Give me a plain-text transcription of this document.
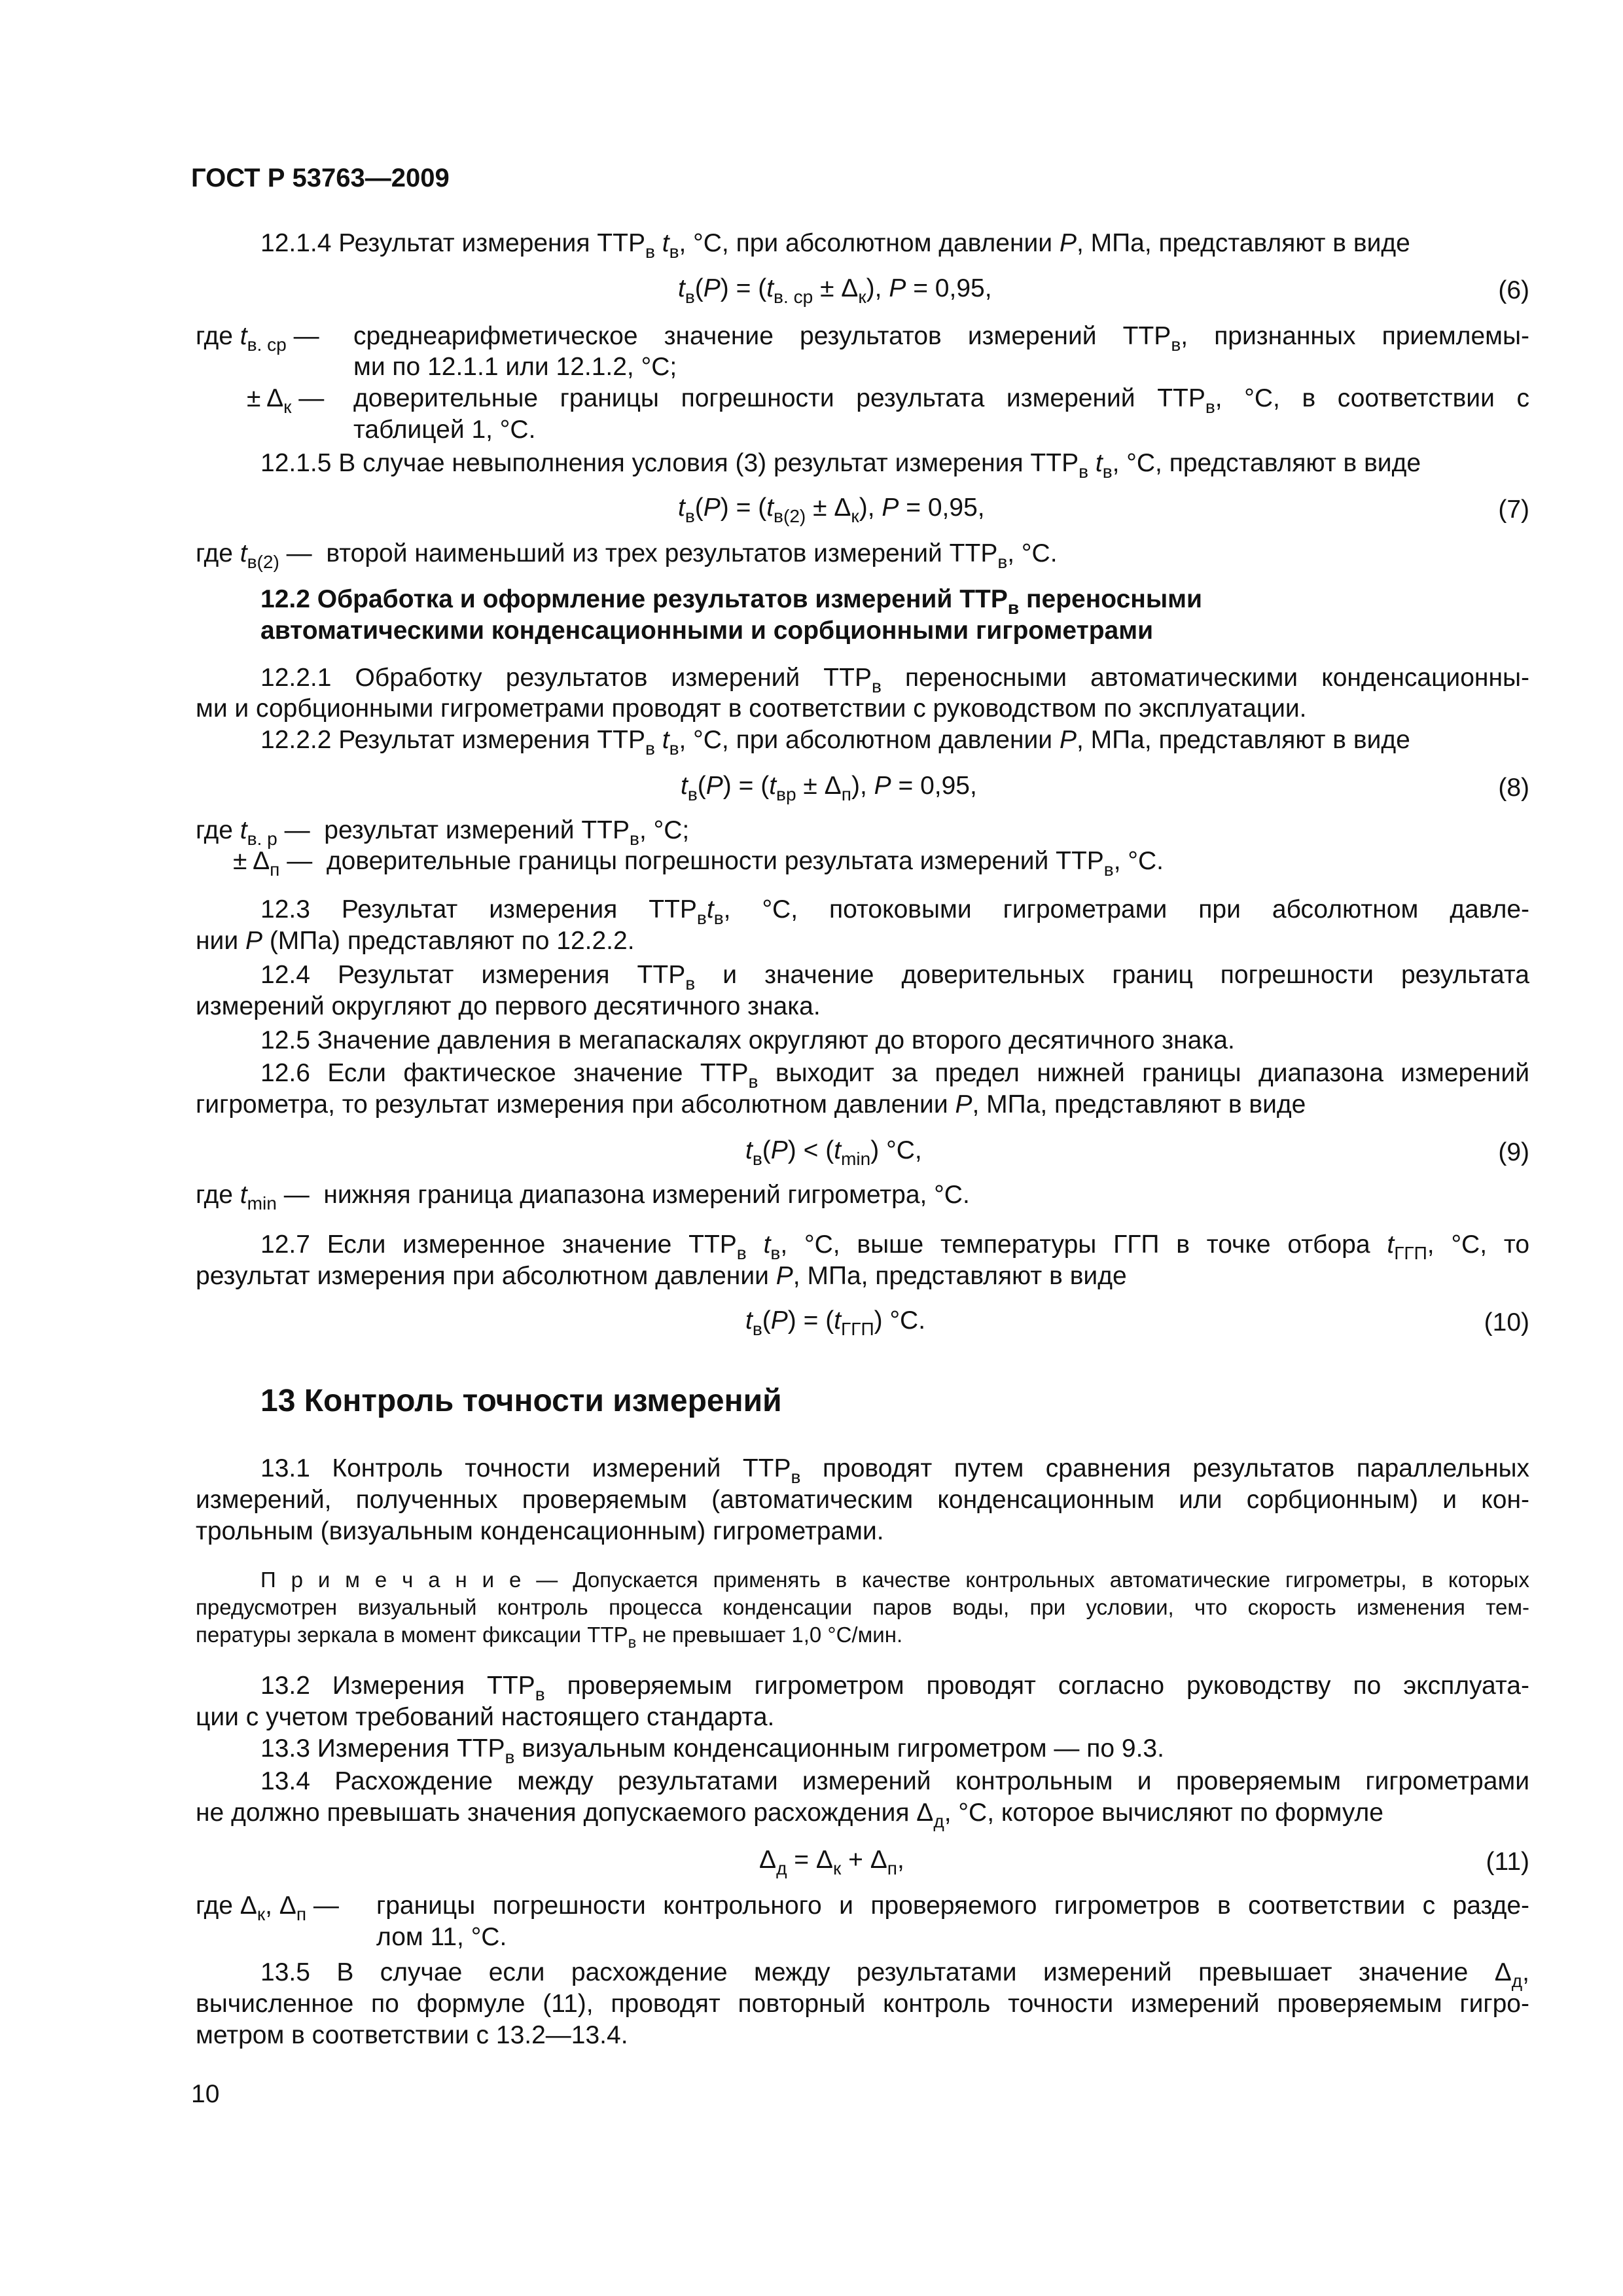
ГОСТ Р 53763—2009
12.1.4 Результат измерения $ТТР_в$ $t_в$, °C, при абсолютном давлении P, МПа, представляют в виде
$t_в(P) = (t_{в. ср} \pm \Delta_к)$, P = 0,95,	(6)
где $t_{в. ср}$ — среднеарифметическое значение результатов измерений $ТТР_в$, признанных приемлемы-
ми по 12.1.1 или 12.1.2, °C;
± $\Delta_к$ — доверительные границы погрешности результата измерений $ТТР_в$, °C, в соответствии с
таблицей 1, °C.
12.1.5 В случае невыполнения условия (3) результат измерения $ТТР_в$ $t_в$, °C, представляют в виде
$t_в(P) = (t_{в(2)} \pm \Delta_к)$, P = 0,95,	(7)
где $t_{в(2)}$ —  второй наименьший из трех результатов измерений $ТТР_в$, °C.
12.2 Обработка и оформление результатов измерений $ТТР_в$ переносными
автоматическими конденсационными и сорбционными гигрометрами
12.2.1 Обработку результатов измерений $ТТР_в$ переносными автоматическими конденсационны-
ми и сорбционными гигрометрами проводят в соответствии с руководством по эксплуатации.
12.2.2 Результат измерения $ТТР_в$ $t_в$, °C, при абсолютном давлении P, МПа, представляют в виде
$t_в(P) = (t_{вр} \pm \Delta_п)$, P = 0,95,	(8)
где $t_{в. р}$ —  результат измерений $ТТР_в$, °C;
± $\Delta_п$ —  доверительные границы погрешности результата измерений $ТТР_в$, °C.
12.3 Результат измерения $ТТР_вt_в$, °C, потоковыми гигрометрами при абсолютном давле-
нии P (МПа) представляют по 12.2.2.
12.4 Результат измерения $ТТР_в$ и значение доверительных границ погрешности результата
измерений округляют до первого десятичного знака.
12.5 Значение давления в мегапаскалях округляют до второго десятичного знака.
12.6 Если фактическое значение $ТТР_в$ выходит за предел нижней границы диапазона измерений
гигрометра, то результат измерения при абсолютном давлении P, МПа, представляют в виде
$t_в(P) < (t_{min})$ °C,	(9)
где $t_{min}$ —  нижняя граница диапазона измерений гигрометра, °C.
12.7 Если измеренное значение $ТТР_в$ $t_в$, °C, выше температуры ГГП в точке отбора $t_{ГГП}$, °C, то
результат измерения при абсолютном давлении P, МПа, представляют в виде
$t_в(P) = (t_{ГГП})$ °C.	(10)
13 Контроль точности измерений
13.1 Контроль точности измерений $ТТР_в$ проводят путем сравнения результатов параллельных
измерений, полученных проверяемым (автоматическим конденсационным или сорбционным) и кон-
трольным (визуальным конденсационным) гигрометрами.
П р и м е ч а н и е — Допускается применять в качестве контрольных автоматические гигрометры, в которых
предусмотрен визуальный контроль процесса конденсации паров воды, при условии, что скорость изменения тем-
пературы зеркала в момент фиксации $ТТР_в$ не превышает 1,0 °C/мин.
13.2 Измерения $ТТР_в$ проверяемым гигрометром проводят согласно руководству по эксплуата-
ции с учетом требований настоящего стандарта.
13.3 Измерения $ТТР_в$ визуальным конденсационным гигрометром — по 9.3.
13.4 Расхождение между результатами измерений контрольным и проверяемым гигрометрами
не должно превышать значения допускаемого расхождения $\Delta_д$, °C, которое вычисляют по формуле
$\Delta_д = \Delta_к + \Delta_п$,	(11)
где $\Delta_к$, $\Delta_п$ — границы погрешности контрольного и проверяемого гигрометров в соответствии с разде-
лом 11, °C.
13.5 В случае если расхождение между результатами измерений превышает значение $\Delta_д$,
вычисленное по формуле (11), проводят повторный контроль точности измерений проверяемым гигро-
метром в соответствии с 13.2—13.4.
10
